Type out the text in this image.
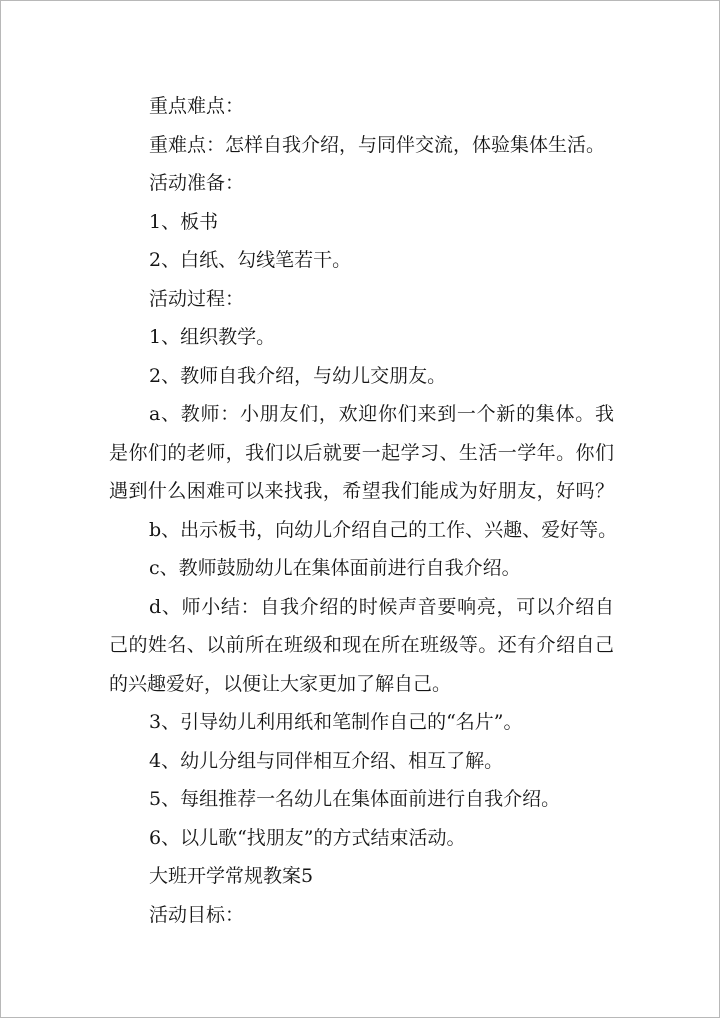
重点难点：
重难点：怎样自我介绍，与同伴交流，体验集体生活。
活动准备：
1、板书
2、白纸、勾线笔若干。
活动过程：
1、组织教学。
2、教师自我介绍，与幼儿交朋友。
a、教师：小朋友们，欢迎你们来到一个新的集体。我
是你们的老师，我们以后就要一起学习、生活一学年。你们
遇到什么困难可以来找我，希望我们能成为好朋友，好吗？
b、出示板书，向幼儿介绍自己的工作、兴趣、爱好等。
c、教师鼓励幼儿在集体面前进行自我介绍。
d、师小结：自我介绍的时候声音要响亮，可以介绍自
己的姓名、以前所在班级和现在所在班级等。还有介绍自己
的兴趣爱好，以便让大家更加了解自己。
3、引导幼儿利用纸和笔制作自己的“名片”。
4、幼儿分组与同伴相互介绍、相互了解。
5、每组推荐一名幼儿在集体面前进行自我介绍。
6、以儿歌“找朋友”的方式结束活动。
大班开学常规教案5
活动目标：
